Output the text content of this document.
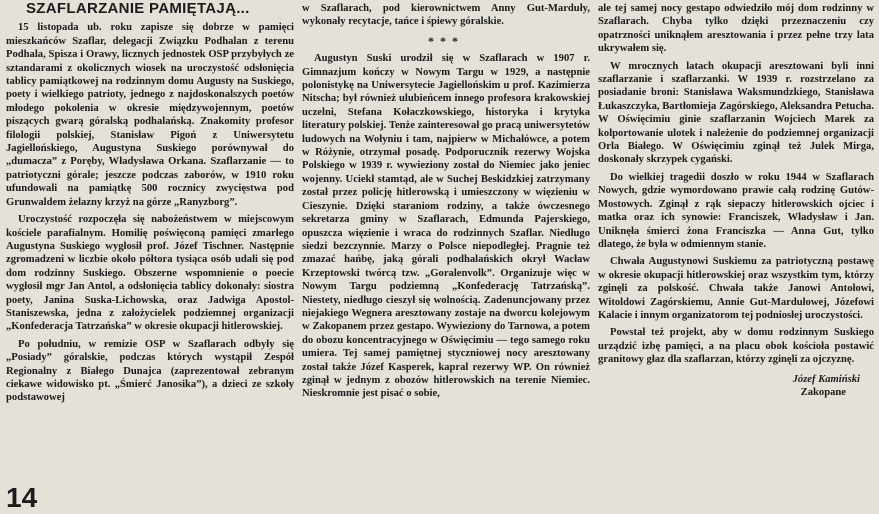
SZAFLARZANIE PAMIĘTAJĄ...

15 listopada ub. roku zapisze się dobrze w pamięci mieszkańców Szaflar, delegacji Związku Podhalan z terenu Podhala, Spisza i Orawy, licznych jednostek OSP przybyłych ze sztandarami z okolicznych wiosek na uroczystość odsłonięcia tablicy pamiątkowej na rodzinnym domu Augusty na Suskiego, poety i wielkiego patrioty, jednego z najdoskonalszych poetów młodego pokolenia w okresie międzywojennym, poetów piszących gwarą góralską podhalańską. Znakomity profesor filologii polskiej, Stanisław Pigoń z Uniwersytetu Jagiellońskiego, Augustyna Suskiego porównywał do „dumacza” z Poręby, Władysława Orkana. Szaflarzanie — to patriotyczni górale; jeszcze podczas zaborów, w 1910 roku ufundowali na pamiątkę 500 rocznicy zwycięstwa pod Grunwaldem żelazny krzyż na górze „Ranyzborg”.

Uroczystość rozpoczęła się nabożeństwem w miejscowym kościele parafialnym. Homilię poświęconą pamięci zmarłego Augustyna Suskiego wygłosił prof. Józef Tischner. Następnie zgromadzeni w liczbie około półtora tysiąca osób udali się pod dom rodzinny Suskiego. Obszerne wspomnienie o poecie wygłosił mgr Jan Antol, a odsłonięcia tablicy dokonały: siostra poety, Janina Suska-Lichowska, oraz Jadwiga Apostol-Staniszewska, jedna z założycielek podziemnej organizacji „Konfederacja Tatrzańska” w okresie okupacji hitlerowskiej.

Po południu, w remizie OSP w Szaflarach odbyły się „Posiady” góralskie, podczas których wystąpił Zespół Regionalny z Białego Dunajca (zaprezentował zebranym ciekawe widowisko pt. „Śmierć Janosika”), a dzieci ze szkoły podstawowej

w Szaflarach, pod kierownictwem Anny Gut-Marduły, wykonały recytacje, tańce i śpiewy góralskie.

***

Augustyn Suski urodził się w Szaflarach w 1907 r. Gimnazjum kończy w Nowym Targu w 1929, a następnie polonistykę na Uniwersytecie Jagiellońskim u prof. Kazimierza Nitscha; był również ulubieńcem innego profesora krakowskiej uczelni, Stefana Kołaczkowskiego, historyka i krytyka literatury polskiej. Tenże zainteresował go pracą uniwersytetów ludowych na Wołyniu i tam, najpierw w Michałówce, a potem w Różynie, otrzymał posadę. Podporucznik rezerwy Wojska Polskiego w 1939 r. wywieziony został do Niemiec jako jeniec wojenny. Uciekł stamtąd, ale w Suchej Beskidzkiej zatrzymany został przez policję hitlerowską i umieszczony w więzieniu w Cieszynie. Dzięki staraniom rodziny, a także ówczesnego sekretarza gminy w Szaflarach, Edmunda Pajerskiego, opuszcza więzienie i wraca do rodzinnych Szaflar. Niedługo siedzi bezczynnie. Marzy o Polsce niepodległej. Pragnie też zmazać hańbę, jaką górali podhalańskich okrył Wacław Krzeptowski twórcą tzw. „Goralenvolk”. Organizuje więc w Nowym Targu podziemną „Konfederację Tatrzańską”. Niestety, niedługo cieszył się wolnością. Zadenuncjowany przez niejakiego Wegnera aresztowany zostaje na dworcu kolejowym w Zakopanem przez gestapo. Wywieziony do Tarnowa, a potem do obozu koncentracyjnego w Oświęcimiu — tego samego roku umiera. Tej samej pamiętnej styczniowej nocy aresztowany został także Józef Kasperek, kapral rezerwy WP. On również zginął w jednym z obozów hitlerowskich na terenie Niemiec. Nieskromnie jest pisać o sobie,

ale tej samej nocy gestapo odwiedziło mój dom rodzinny w Szaflarach. Chyba tylko dzięki przeznaczeniu czy opatrzności uniknąłem aresztowania i przez pełne trzy lata ukrywałem się.

W mrocznych latach okupacji aresztowani byli inni szaflarzanie i szaflarzanki. W 1939 r. rozstrzelano za posiadanie broni: Stanisława Waksmundzkiego, Stanisława Łukaszczyka, Bartłomieja Zagórskiego, Aleksandra Petucha. W Oświęcimiu ginie szaflarzanin Wojciech Marek za kolportowanie ulotek i należenie do podziemnej organizacji Orla Białego. W Oświęcimiu zginął też Julek Mirga, doskonały skrzypek cygański.

Do wielkiej tragedii doszło w roku 1944 w Szaflarach Nowych, gdzie wymordowano prawie całą rodzinę Gutów-Mostowych. Zginął z rąk siepaczy hitlerowskich ojciec i matka oraz ich synowie: Franciszek, Władysław i Jan. Uniknęła śmierci żona Franciszka — Anna Gut, tylko dlatego, że była w odmiennym stanie.

Chwała Augustynowi Suskiemu za patriotyczną postawę w okresie okupacji hitlerowskiej oraz wszystkim tym, którzy zginęli za polskość. Chwała także Janowi Antołowi, Witoldowi Zagórskiemu, Annie Gut-Mardułowej, Józefowi Kalacie i innym organizatorom tej podniosłej uroczystości.

Powstał też projekt, aby w domu rodzinnym Suskiego urządzić izbę pamięci, a na placu obok kościoła postawić granitowy głaz dla szaflarzan, którzy zginęli za ojczyznę.

Józef Kamiński
Zakopane
14
